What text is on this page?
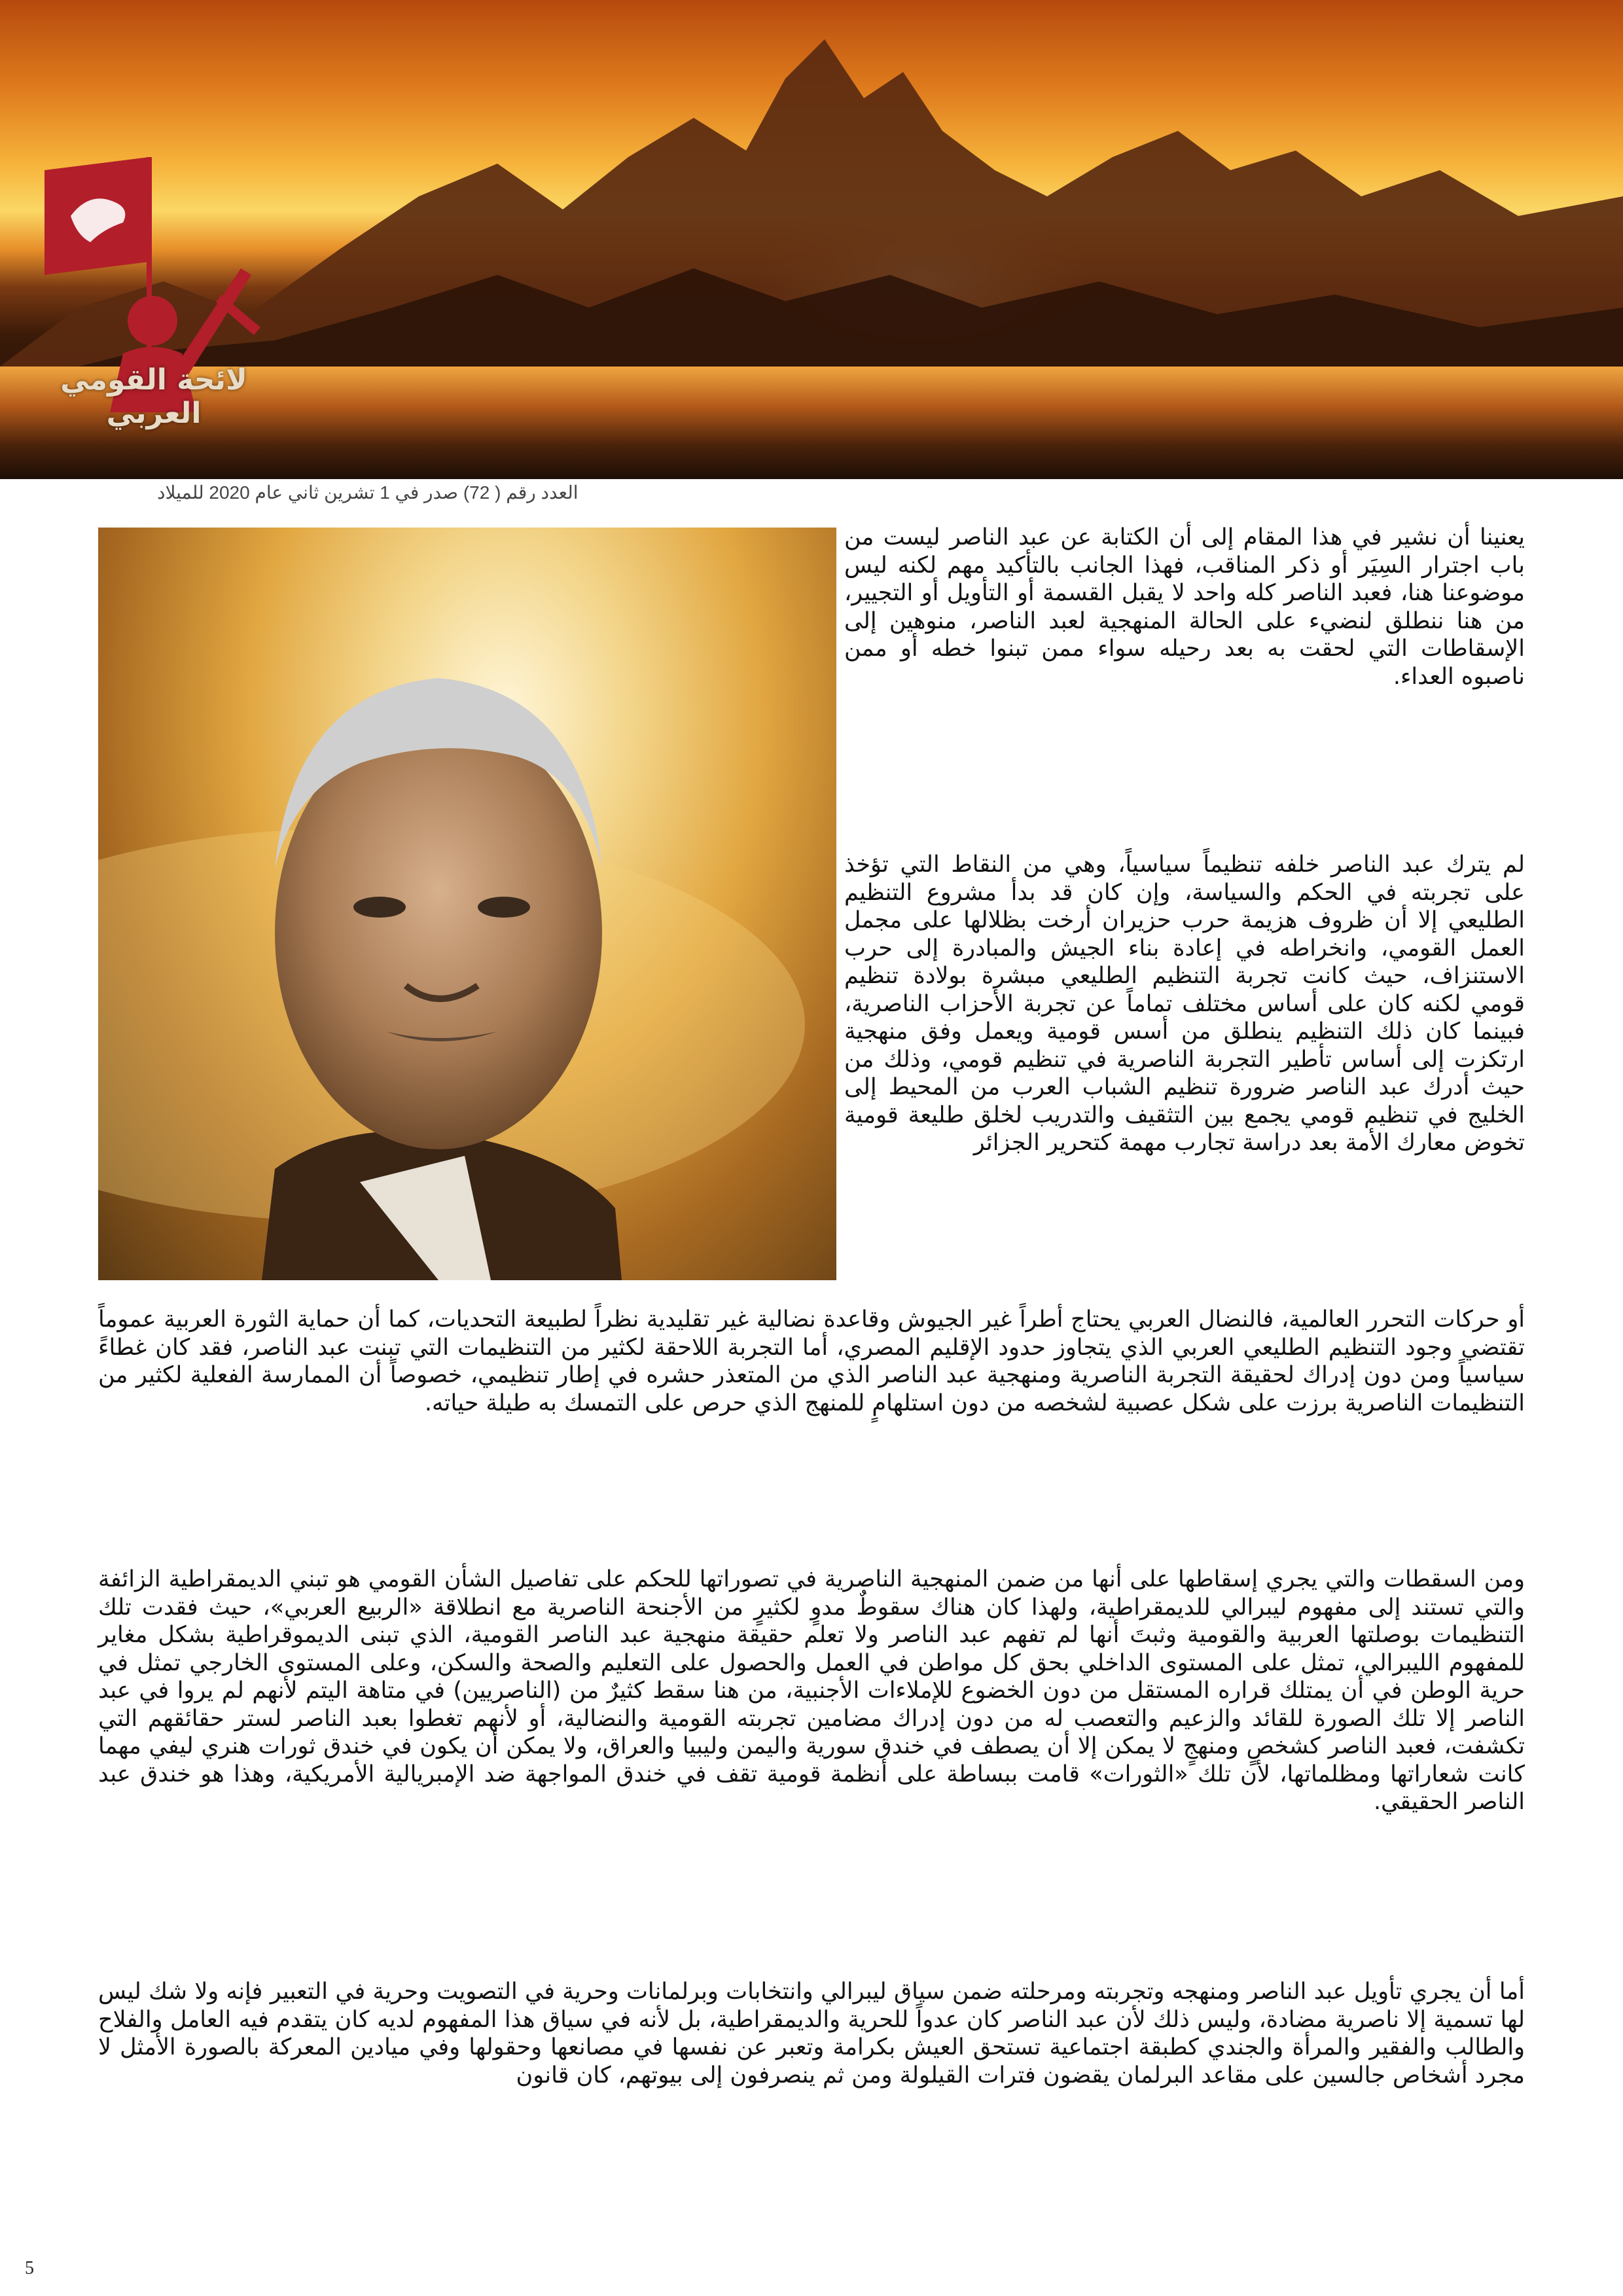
لائحة القومي العربي
العدد رقم ( 72) صدر في 1 تشرين ثاني عام 2020 للميلاد
يعنينا أن نشير في هذا المقام إلى أن الكتابة عن عبد الناصر ليست من باب اجترار السِيَر أو ذكر المناقب، فهذا الجانب بالتأكيد مهم لكنه ليس موضوعنا هنا، فعبد الناصر كله واحد لا يقبل القسمة أو التأويل أو التجيير، من هنا ننطلق لنضيء على الحالة المنهجية لعبد الناصر، منوهين إلى الإسقاطات التي لحقت به بعد رحيله سواء ممن تبنوا خطه أو ممن ناصبوه العداء.
لم يترك عبد الناصر خلفه تنظيماً سياسياً، وهي من النقاط التي تؤخذ على تجربته في الحكم والسياسة، وإن كان قد بدأ مشروع التنظيم الطليعي إلا أن ظروف هزيمة حرب حزيران أرخت بظلالها على مجمل العمل القومي، وانخراطه في إعادة بناء الجيش والمبادرة إلى حرب الاستنزاف، حيث كانت تجربة التنظيم الطليعي مبشرة بولادة تنظيم قومي لكنه كان على أساس مختلف تماماً عن تجربة الأحزاب الناصرية، فبينما كان ذلك التنظيم ينطلق من أسس قومية ويعمل وفق منهجية ارتكزت إلى أساس تأطير التجربة الناصرية في تنظيم قومي، وذلك من حيث أدرك عبد الناصر ضرورة تنظيم الشباب العرب من المحيط إلى الخليج في تنظيم قومي يجمع بين التثقيف والتدريب لخلق طليعة قومية تخوض معارك الأمة بعد دراسة تجارب مهمة كتحرير الجزائر
أو حركات التحرر العالمية، فالنضال العربي يحتاج أطراً غير الجيوش وقاعدة نضالية غير تقليدية نظراً لطبيعة التحديات، كما أن حماية الثورة العربية عموماً تقتضي وجود التنظيم الطليعي العربي الذي يتجاوز حدود الإقليم المصري، أما التجربة اللاحقة لكثير من التنظيمات التي تبنت عبد الناصر، فقد كان غطاءً سياسياً ومن دون إدراك لحقيقة التجربة الناصرية ومنهجية عبد الناصر الذي من المتعذر حشره في إطار تنظيمي، خصوصاً أن الممارسة الفعلية لكثير من التنظيمات الناصرية برزت على شكل عصبية لشخصه من دون استلهامٍ للمنهج الذي حرص على التمسك به طيلة حياته.
ومن السقطات والتي يجري إسقاطها على أنها من ضمن المنهجية الناصرية في تصوراتها للحكم على تفاصيل الشأن القومي هو تبني الديمقراطية الزائفة والتي تستند إلى مفهوم ليبرالي للديمقراطية، ولهذا كان هناك سقوطٌ مدوٍ لكثيرٍ من الأجنحة الناصرية مع انطلاقة «الربيع العربي»، حيث فقدت تلك التنظيمات بوصلتها العربية والقومية وثبتَ أنها لم تفهم عبد الناصر ولا تعلم حقيقة منهجية عبد الناصر القومية، الذي تبنى الديموقراطية بشكل مغاير للمفهوم الليبرالي، تمثل على المستوى الداخلي بحق كل مواطن في العمل والحصول على التعليم والصحة والسكن، وعلى المستوى الخارجي تمثل في حرية الوطن في أن يمتلك قراره المستقل من دون الخضوع للإملاءات الأجنبية، من هنا سقط كثيرٌ من (الناصريين) في متاهة اليتم لأنهم لم يروا في عبد الناصر إلا تلك الصورة للقائد والزعيم والتعصب له من دون إدراك مضامين تجربته القومية والنضالية، أو لأنهم تغطوا بعبد الناصر لستر حقائقهم التي تكشفت، فعبد الناصر كشخصٍ ومنهجٍ لا يمكن إلا أن يصطف في خندق سورية واليمن وليبيا والعراق، ولا يمكن أن يكون في خندق ثورات هنري ليفي مهما كانت شعاراتها ومظلماتها، لأن تلك «الثورات» قامت ببساطة على أنظمة قومية تقف في خندق المواجهة ضد الإمبريالية الأمريكية، وهذا هو خندق عبد الناصر الحقيقي.
أما أن يجري تأويل عبد الناصر ومنهجه وتجربته ومرحلته ضمن سياق ليبرالي وانتخابات وبرلمانات وحرية في التصويت وحرية في التعبير فإنه ولا شك ليس لها تسمية إلا ناصرية مضادة، وليس ذلك لأن عبد الناصر كان عدواً للحرية والديمقراطية، بل لأنه في سياق هذا المفهوم لديه كان يتقدم فيه العامل والفلاح والطالب والفقير والمرأة والجندي كطبقة اجتماعية تستحق العيش بكرامة وتعبر عن نفسها في مصانعها وحقولها وفي ميادين المعركة بالصورة الأمثل لا مجرد أشخاص جالسين على مقاعد البرلمان يقضون فترات القيلولة ومن ثم ينصرفون إلى بيوتهم، كان قانون
5
